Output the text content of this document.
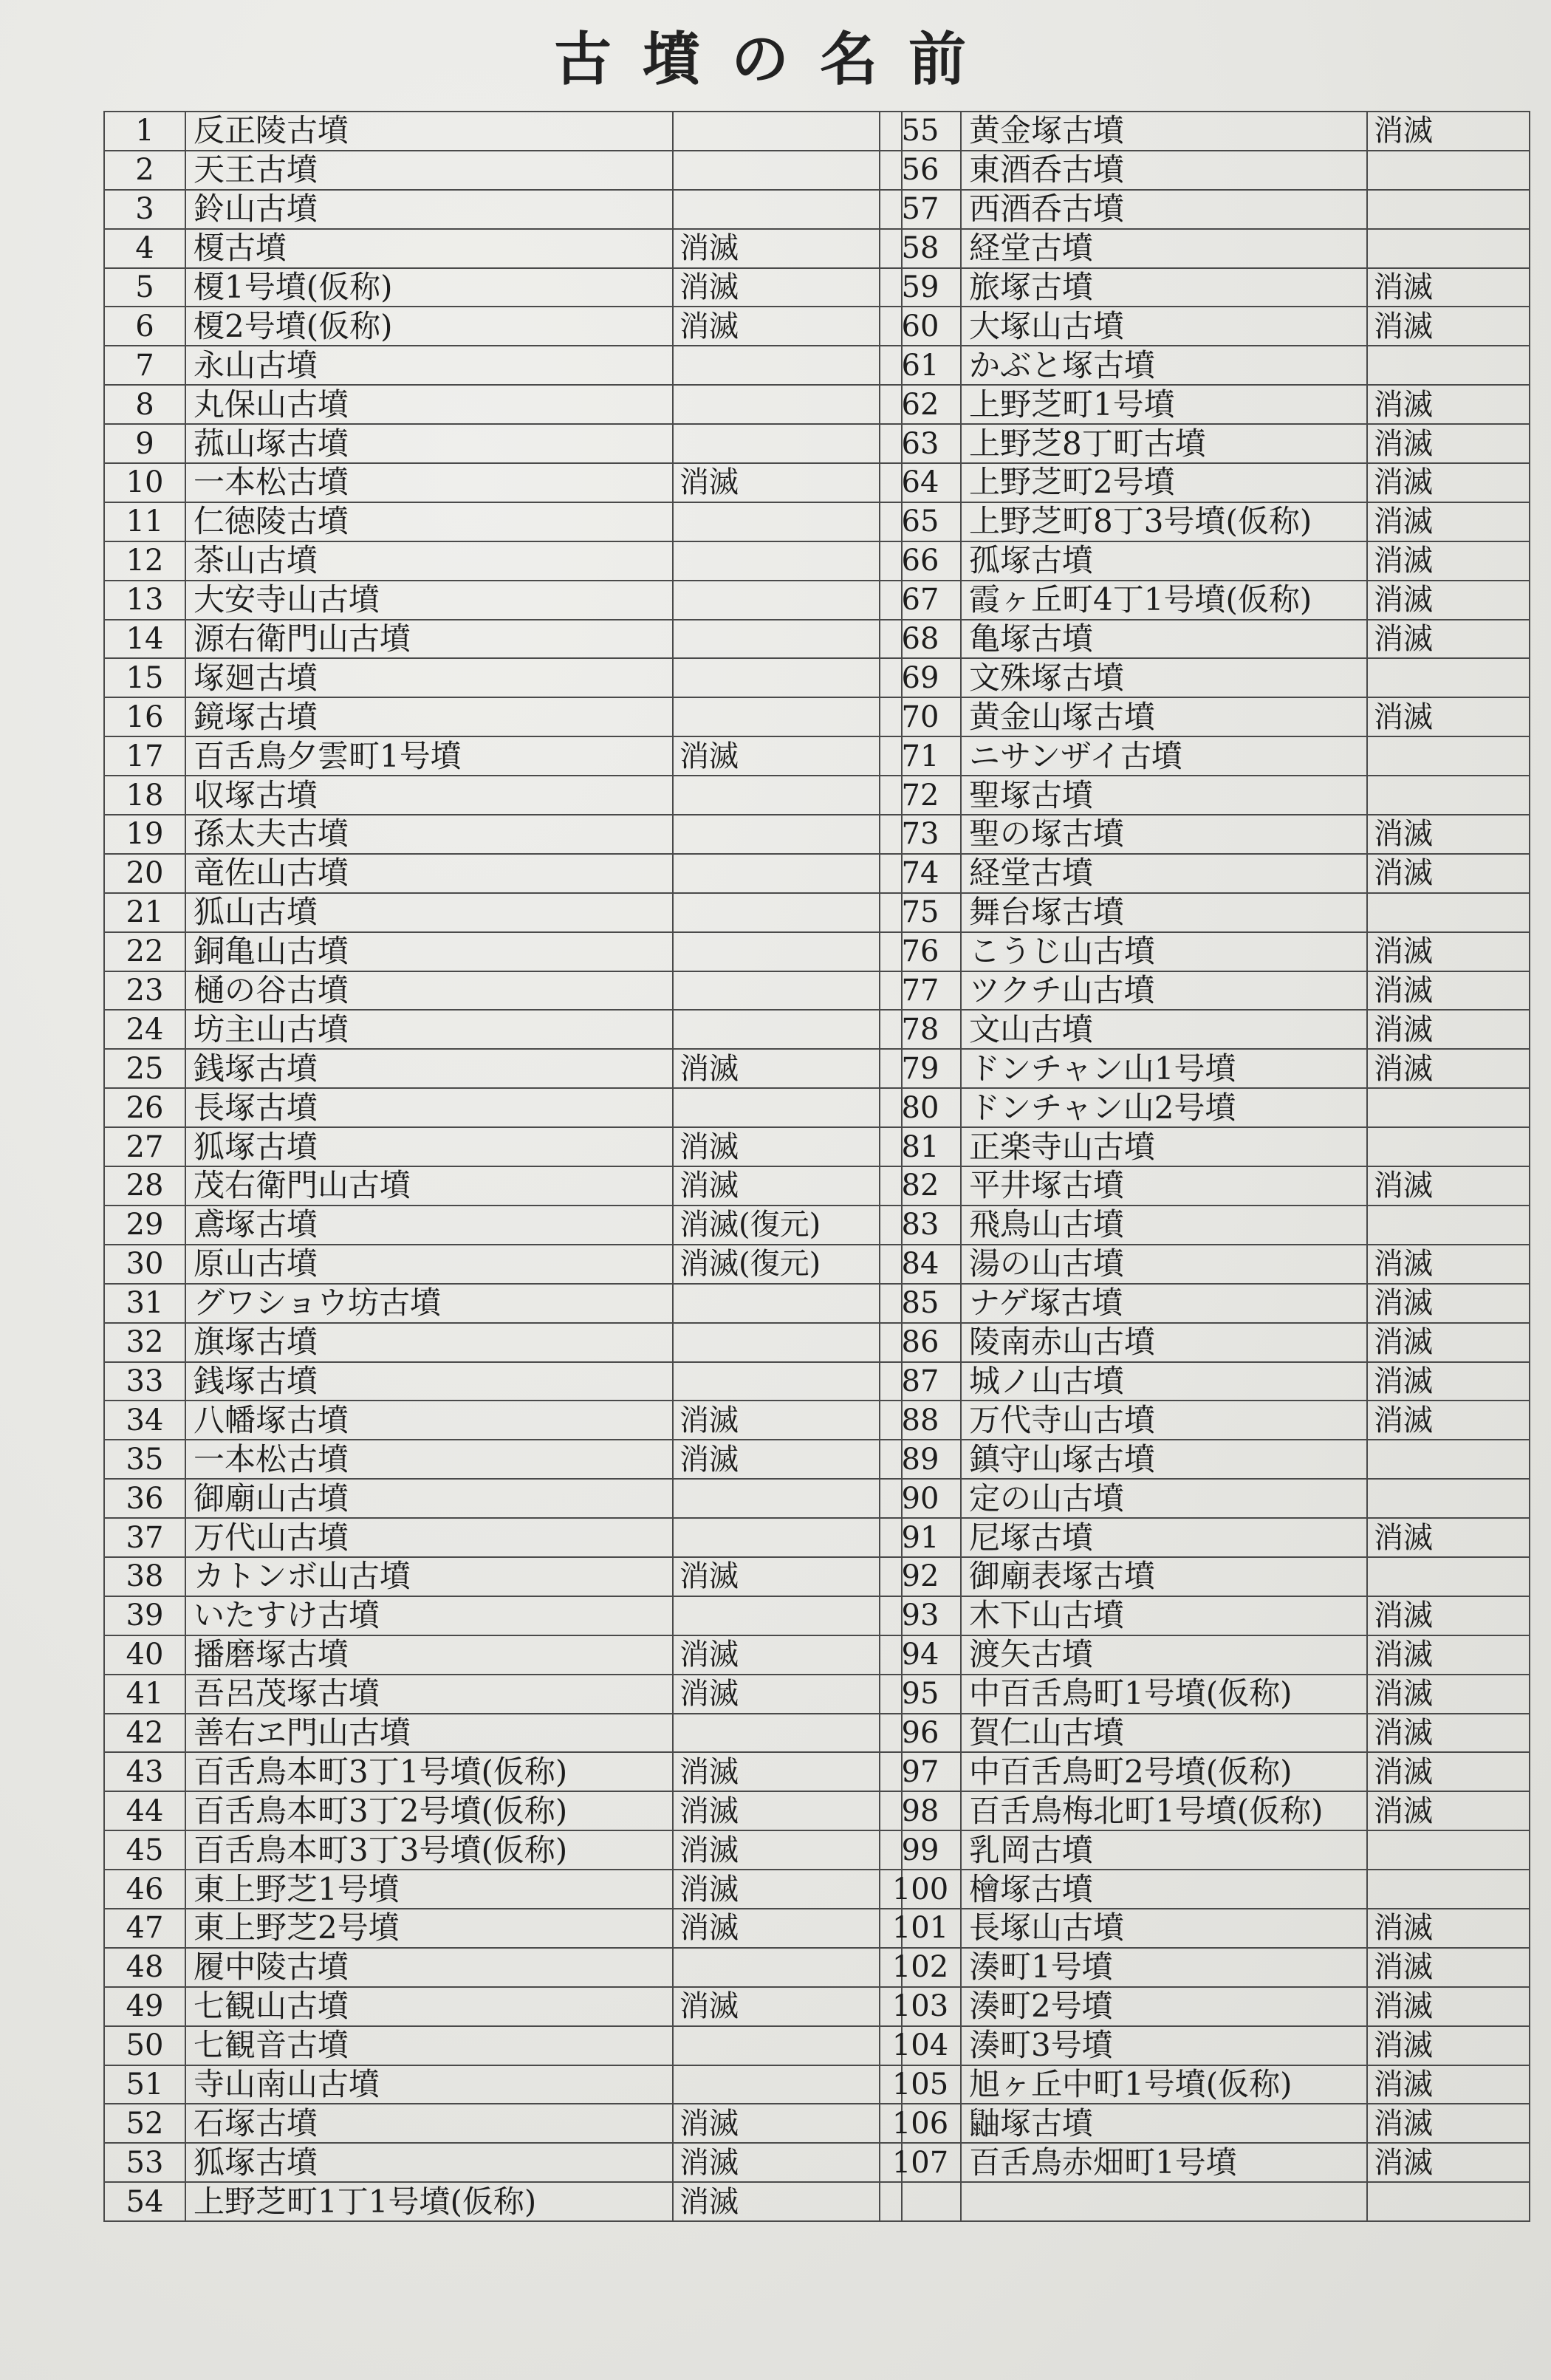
古墳の名前
1	反正陵古墳	
2	天王古墳	
3	鈴山古墳	
4	榎古墳	消滅
5	榎1号墳(仮称)	消滅
6	榎2号墳(仮称)	消滅
7	永山古墳	
8	丸保山古墳	
9	菰山塚古墳	
10	一本松古墳	消滅
11	仁徳陵古墳	
12	茶山古墳	
13	大安寺山古墳	
14	源右衛門山古墳	
15	塚廻古墳	
16	鏡塚古墳	
17	百舌鳥夕雲町1号墳	消滅
18	収塚古墳	
19	孫太夫古墳	
20	竜佐山古墳	
21	狐山古墳	
22	銅亀山古墳	
23	樋の谷古墳	
24	坊主山古墳	
25	銭塚古墳	消滅
26	長塚古墳	
27	狐塚古墳	消滅
28	茂右衛門山古墳	消滅
29	鳶塚古墳	消滅(復元)
30	原山古墳	消滅(復元)
31	グワショウ坊古墳	
32	旗塚古墳	
33	銭塚古墳	
34	八幡塚古墳	消滅
35	一本松古墳	消滅
36	御廟山古墳	
37	万代山古墳	
38	カトンボ山古墳	消滅
39	いたすけ古墳	
40	播磨塚古墳	消滅
41	吾呂茂塚古墳	消滅
42	善右ヱ門山古墳	
43	百舌鳥本町3丁1号墳(仮称)	消滅
44	百舌鳥本町3丁2号墳(仮称)	消滅
45	百舌鳥本町3丁3号墳(仮称)	消滅
46	東上野芝1号墳	消滅
47	東上野芝2号墳	消滅
48	履中陵古墳	
49	七観山古墳	消滅
50	七観音古墳	
51	寺山南山古墳	
52	石塚古墳	消滅
53	狐塚古墳	消滅
54	上野芝町1丁1号墳(仮称)	消滅
55	黄金塚古墳	消滅
56	東酒呑古墳	
57	西酒呑古墳	
58	経堂古墳	
59	旅塚古墳	消滅
60	大塚山古墳	消滅
61	かぶと塚古墳	
62	上野芝町1号墳	消滅
63	上野芝8丁町古墳	消滅
64	上野芝町2号墳	消滅
65	上野芝町8丁3号墳(仮称)	消滅
66	孤塚古墳	消滅
67	霞ヶ丘町4丁1号墳(仮称)	消滅
68	亀塚古墳	消滅
69	文殊塚古墳	
70	黄金山塚古墳	消滅
71	ニサンザイ古墳	
72	聖塚古墳	
73	聖の塚古墳	消滅
74	経堂古墳	消滅
75	舞台塚古墳	
76	こうじ山古墳	消滅
77	ツクチ山古墳	消滅
78	文山古墳	消滅
79	ドンチャン山1号墳	消滅
80	ドンチャン山2号墳	
81	正楽寺山古墳	
82	平井塚古墳	消滅
83	飛鳥山古墳	
84	湯の山古墳	消滅
85	ナゲ塚古墳	消滅
86	陵南赤山古墳	消滅
87	城ノ山古墳	消滅
88	万代寺山古墳	消滅
89	鎮守山塚古墳	
90	定の山古墳	
91	尼塚古墳	消滅
92	御廟表塚古墳	
93	木下山古墳	消滅
94	渡矢古墳	消滅
95	中百舌鳥町1号墳(仮称)	消滅
96	賀仁山古墳	消滅
97	中百舌鳥町2号墳(仮称)	消滅
98	百舌鳥梅北町1号墳(仮称)	消滅
99	乳岡古墳	
100	檜塚古墳	
101	長塚山古墳	消滅
102	湊町1号墳	消滅
103	湊町2号墳	消滅
104	湊町3号墳	消滅
105	旭ヶ丘中町1号墳(仮称)	消滅
106	鼬塚古墳	消滅
107	百舌鳥赤畑町1号墳	消滅
